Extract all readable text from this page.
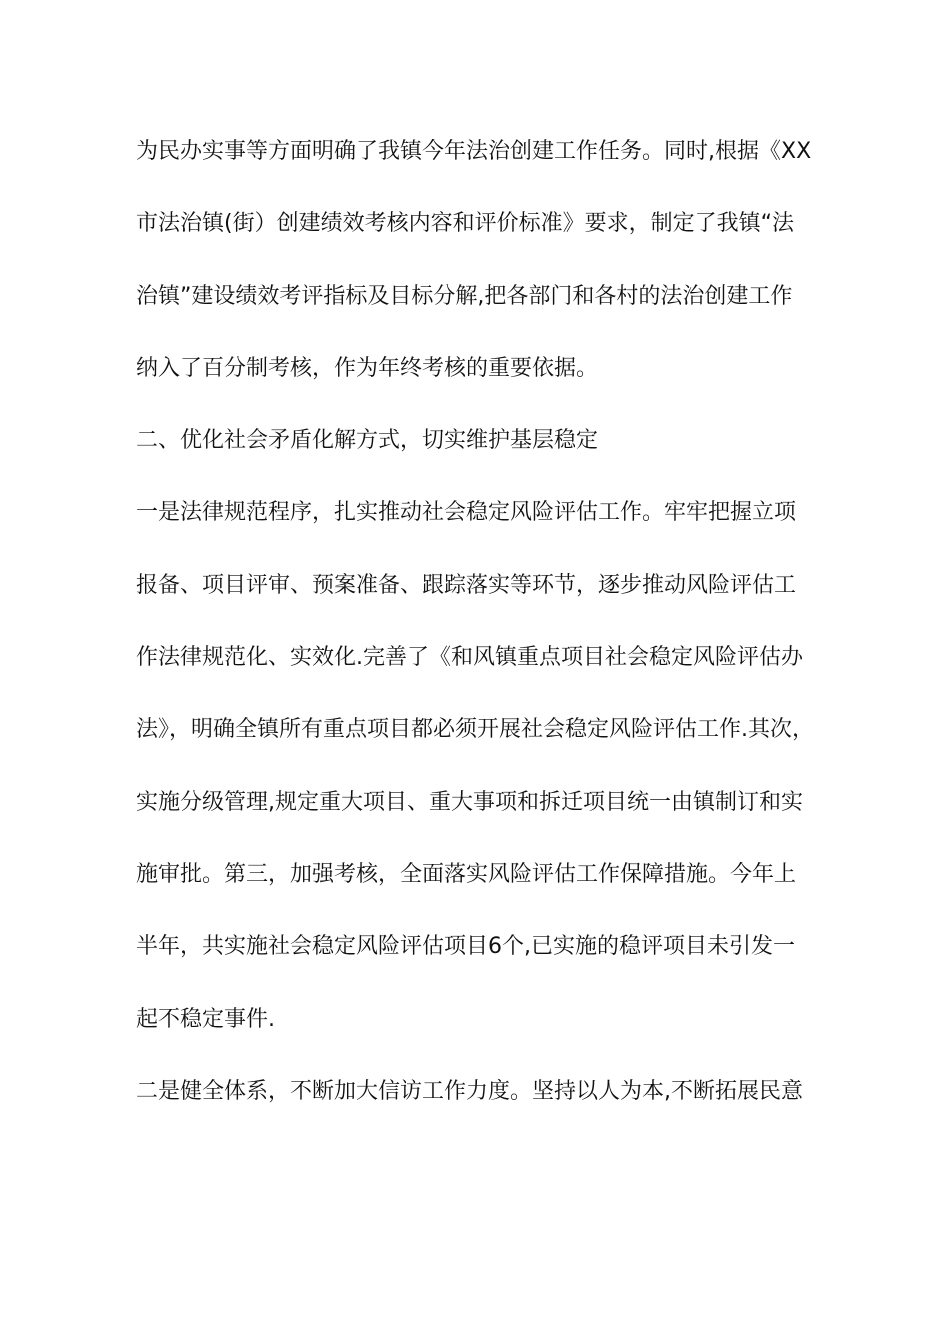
为民办实事等方面明确了我镇今年法治创建工作任务。同时,根据《XX
市法治镇(街）创建绩效考核内容和评价标准》要求，制定了我镇“法
治镇”建设绩效考评指标及目标分解,把各部门和各村的法治创建工作
纳入了百分制考核，作为年终考核的重要依据。
二、优化社会矛盾化解方式，切实维护基层稳定
一是法律规范程序，扎实推动社会稳定风险评估工作。牢牢把握立项
报备、项目评审、预案准备、跟踪落实等环节，逐步推动风险评估工
作法律规范化、实效化.完善了《和风镇重点项目社会稳定风险评估办
法》，明确全镇所有重点项目都必须开展社会稳定风险评估工作.其次，
实施分级管理,规定重大项目、重大事项和拆迁项目统一由镇制订和实
施审批。第三，加强考核，全面落实风险评估工作保障措施。今年上
半年，共实施社会稳定风险评估项目6个,已实施的稳评项目未引发一
起不稳定事件.
二是健全体系，不断加大信访工作力度。坚持以人为本,不断拓展民意
